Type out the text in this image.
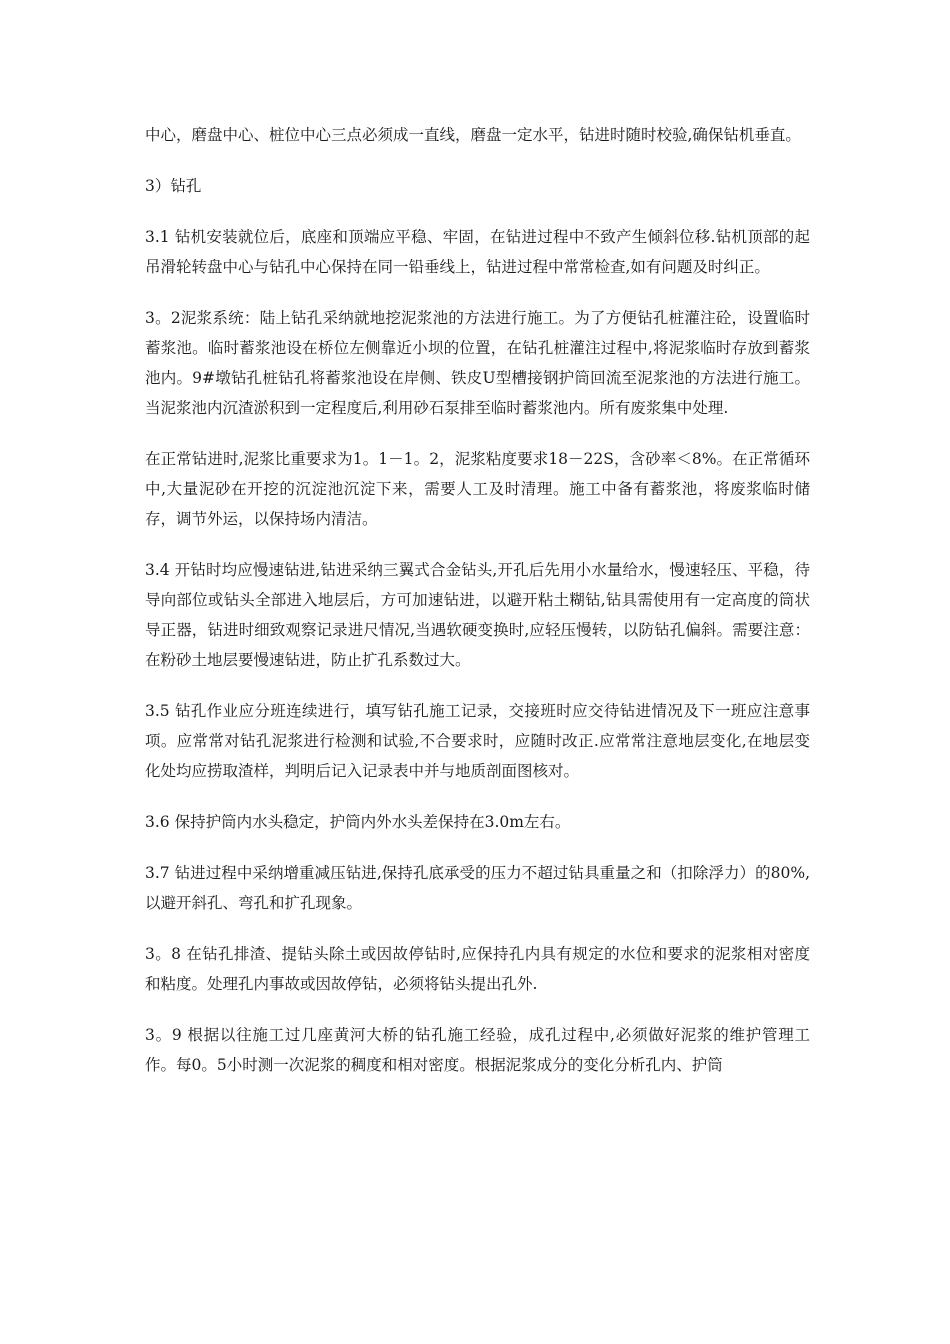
中心，磨盘中心、桩位中心三点必须成一直线，磨盘一定水平，钻进时随时校验,确保钻机垂直。

3）钻孔

3.1 钻机安装就位后，底座和顶端应平稳、牢固，在钻进过程中不致产生倾斜位移.钻机顶部的起吊滑轮转盘中心与钻孔中心保持在同一铅垂线上，钻进过程中常常检查,如有问题及时纠正。

3。2泥浆系统：陆上钻孔采纳就地挖泥浆池的方法进行施工。为了方便钻孔桩灌注砼，设置临时蓄浆池。临时蓄浆池设在桥位左侧靠近小坝的位置，在钻孔桩灌注过程中,将泥浆临时存放到蓄浆池内。9#墩钻孔桩钻孔将蓄浆池设在岸侧、铁皮U型槽接钢护筒回流至泥浆池的方法进行施工。当泥浆池内沉渣淤积到一定程度后,利用砂石泵排至临时蓄浆池内。所有废浆集中处理.

在正常钻进时,泥浆比重要求为1。1－1。2，泥浆粘度要求18－22S，含砂率＜8%。在正常循环中,大量泥砂在开挖的沉淀池沉淀下来，需要人工及时清理。施工中备有蓄浆池，将废浆临时储存，调节外运，以保持场内清洁。

3.4 开钻时均应慢速钻进,钻进采纳三翼式合金钻头,开孔后先用小水量给水，慢速轻压、平稳，待导向部位或钻头全部进入地层后，方可加速钻进，以避开粘土糊钻,钻具需使用有一定高度的筒状导正器，钻进时细致观察记录进尺情况,当遇软硬变换时,应轻压慢转，以防钻孔偏斜。需要注意：在粉砂土地层要慢速钻进，防止扩孔系数过大。

3.5 钻孔作业应分班连续进行，填写钻孔施工记录，交接班时应交待钻进情况及下一班应注意事项。应常常对钻孔泥浆进行检测和试验,不合要求时，应随时改正.应常常注意地层变化,在地层变化处均应捞取渣样，判明后记入记录表中并与地质剖面图核对。

3.6 保持护筒内水头稳定，护筒内外水头差保持在3.0m左右。

3.7 钻进过程中采纳增重减压钻进,保持孔底承受的压力不超过钻具重量之和（扣除浮力）的80%,以避开斜孔、弯孔和扩孔现象。

3。8 在钻孔排渣、提钻头除土或因故停钻时,应保持孔内具有规定的水位和要求的泥浆相对密度和粘度。处理孔内事故或因故停钻，必须将钻头提出孔外.

3。9 根据以往施工过几座黄河大桥的钻孔施工经验，成孔过程中,必须做好泥浆的维护管理工作。每0。5小时测一次泥浆的稠度和相对密度。根据泥浆成分的变化分析孔内、护筒
